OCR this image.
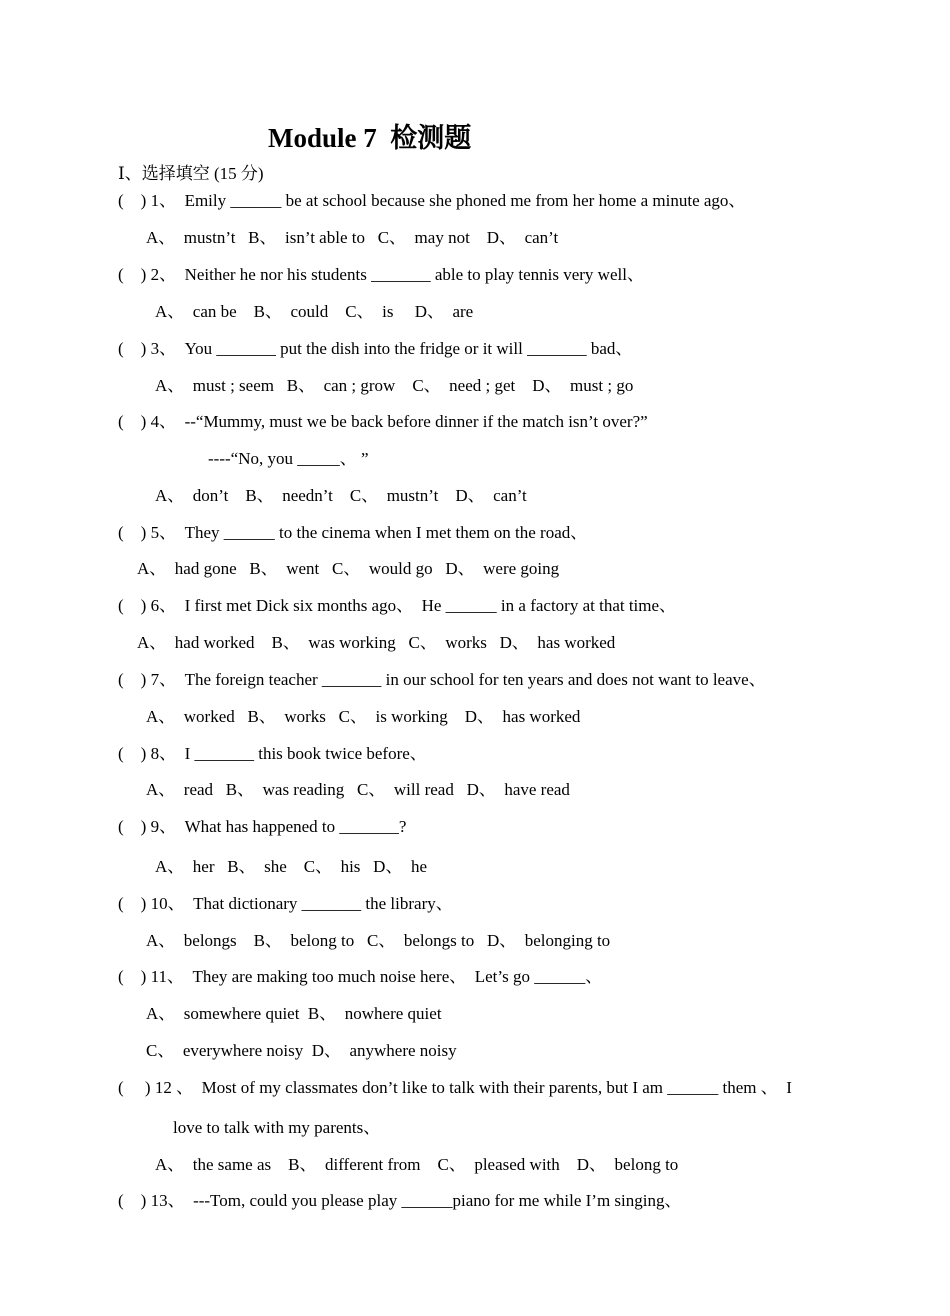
Module 7  检测题
Ⅰ、选择填空 (15 分)
(    ) 1、  Emily ______ be at school because she phoned me from her home a minute ago、
A、  mustn’t   B、  isn’t able to   C、  may not    D、  can’t
(    ) 2、  Neither he nor his students _______ able to play tennis very well、
A、  can be    B、  could    C、  is     D、  are
(    ) 3、  You _______ put the dish into the fridge or it will _______ bad、
A、  must ; seem   B、  can ; grow    C、  need ; get    D、  must ; go
(    ) 4、  --“Mummy, must we be back before dinner if the match isn’t over?”
----“No, you _____、 ”
A、  don’t    B、  needn’t    C、  mustn’t    D、  can’t
(    ) 5、  They ______ to the cinema when I met them on the road、
A、  had gone   B、  went   C、  would go   D、  were going
(    ) 6、  I first met Dick six months ago、  He ______ in a factory at that time、
A、  had worked    B、  was working   C、  works   D、  has worked
(    ) 7、  The foreign teacher _______ in our school for ten years and does not want to leave、
A、  worked   B、  works   C、  is working    D、  has worked
(    ) 8、  I _______ this book twice before、
A、  read   B、  was reading   C、  will read   D、  have read
(    ) 9、  What has happened to _______?
A、  her   B、  she    C、  his   D、  he
(    ) 10、  That dictionary _______ the library、
A、  belongs    B、  belong to   C、  belongs to   D、  belonging to
(    ) 11、  They are making too much noise here、  Let’s go ______、
A、  somewhere quiet  B、  nowhere quiet
C、  everywhere noisy  D、  anywhere noisy
(     ) 12 、  Most of my classmates don’t like to talk with their parents, but I am ______ them 、  I
love to talk with my parents、
A、  the same as    B、  different from    C、  pleased with    D、  belong to
(    ) 13、  ---Tom, could you please play ______piano for me while I’m singing、
